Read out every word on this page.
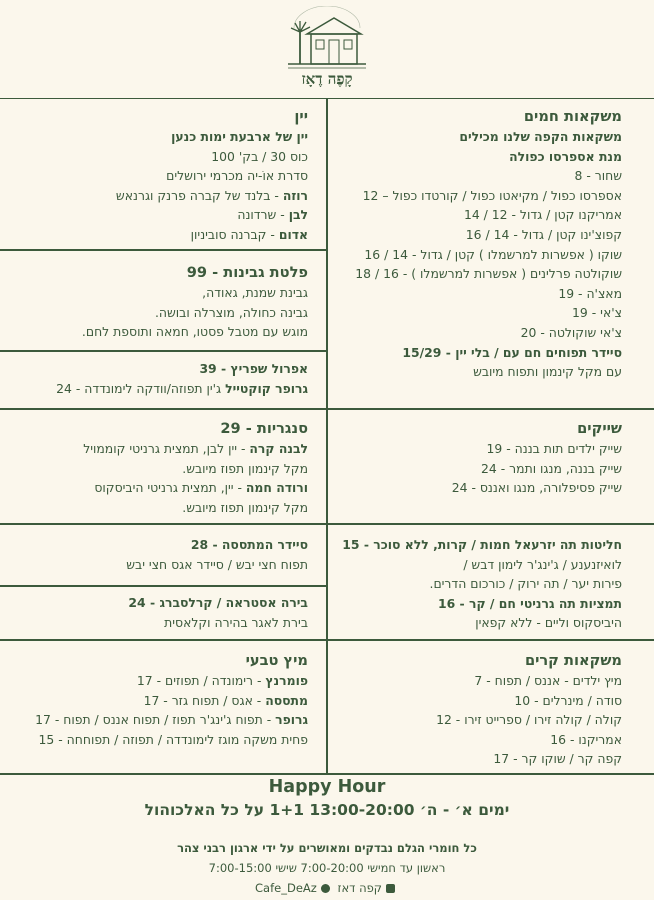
קָפֶה דֶאָז
משקאות חמים
משקאות הקפה שלנו מכילים
מנת אספרסו כפולה
שחור - 8
אספרסו כפול / מקיאטו כפול / קורטדו כפול – 12
אמריקנו קטן / גדול - 12 / 14
קפוצ'ינו קטן / גדול - 14 / 16
שוקו ( אפשרות למרשמלו ) קטן / גדול - 14 / 16
שוקולטה פרלינים ( אפשרות למרשמלו ) - 16 / 18
מאצ'ה - 19
צ'אי - 19
צ'אי שוקולטה - 20
סיידר תפוחים חם עם / בלי יין - 15/29
עם מקל קינמון ותפוח מיובש
יין
יין של ארבעת ימות כנען
כוס 30 / בק' 100
סדרת אוֹ-יה מכרמי ירושלים
רוזה - בלנד של קברה פרנק וגרנאש
לבן - שרדונה
אדום - קברנה סוביניון
פלטת גבינות - 99
גבינת שמנת, גאודה,
גבינה כחולה, מוצרלה ובושה.
מוגש עם מטבל פסטו, חמאה ותוספת לחם.
אפרול שפריץ - 39
גרופר קוקטייל ג'ין תפוזה/וודקה לימונדדה - 24
שייקים
שייק ילדים תות בננה - 19
שייק בננה, מנגו ותמר - 24
שייק פסיפלורה, מנגו ואננס - 24
סנגריות - 29
לבנה קרה - יין לבן, תמצית גרניטי קוממויל
מקל קינמון תפוז מיובש.
ורודה חמה - יין, תמצית גרניטי היביסקוס
מקל קינמון תפוז מיובש.
חליטות תה יזרעאל חמות / קרות, ללא סוכר - 15
לואיזנענע / ג'ינג'ר לימון דבש /
פירות יער / תה ירוק / כורכום הדרים.
תמציות תה גרניטי חם / קר - 16
היביסקוס וליים - ללא קפאין
סיידר המתססה - 28
תפוח חצי יבש / סיידר אגס חצי יבש
בירה אסטראה / קרלסברג - 24
בירת לאגר בהירה וקלאסית
משקאות קרים
מיץ ילדים - אננס / תפוח - 7
סודה / מינרלים - 10
קולה / קולה זירו / ספרייט זירו - 12
אמריקנו - 16
קפה קר / שוקו קר - 17
מיץ טבעי
פומרנץ - רימונדה / תפוזים - 17
מתססה - אגס / תפוח גזר - 17
גרופר - תפוח ג'ינג'ר תפוז / תפוח אננס / תפוח - 17
פחית משקה מוגז לימונדדה / תפוזה / תפוחחה - 15
Happy Hour
ימים א׳ - ה׳ 13:00-20:00 1+1 על כל האלכוהול
כל חומרי הגלם נבדקים ומאושרים על ידי ארגון רבני צהר
ראשון עד חמישי 7:00-20:00 שישי 7:00-15:00
קפה דאז Cafe_DeAz
